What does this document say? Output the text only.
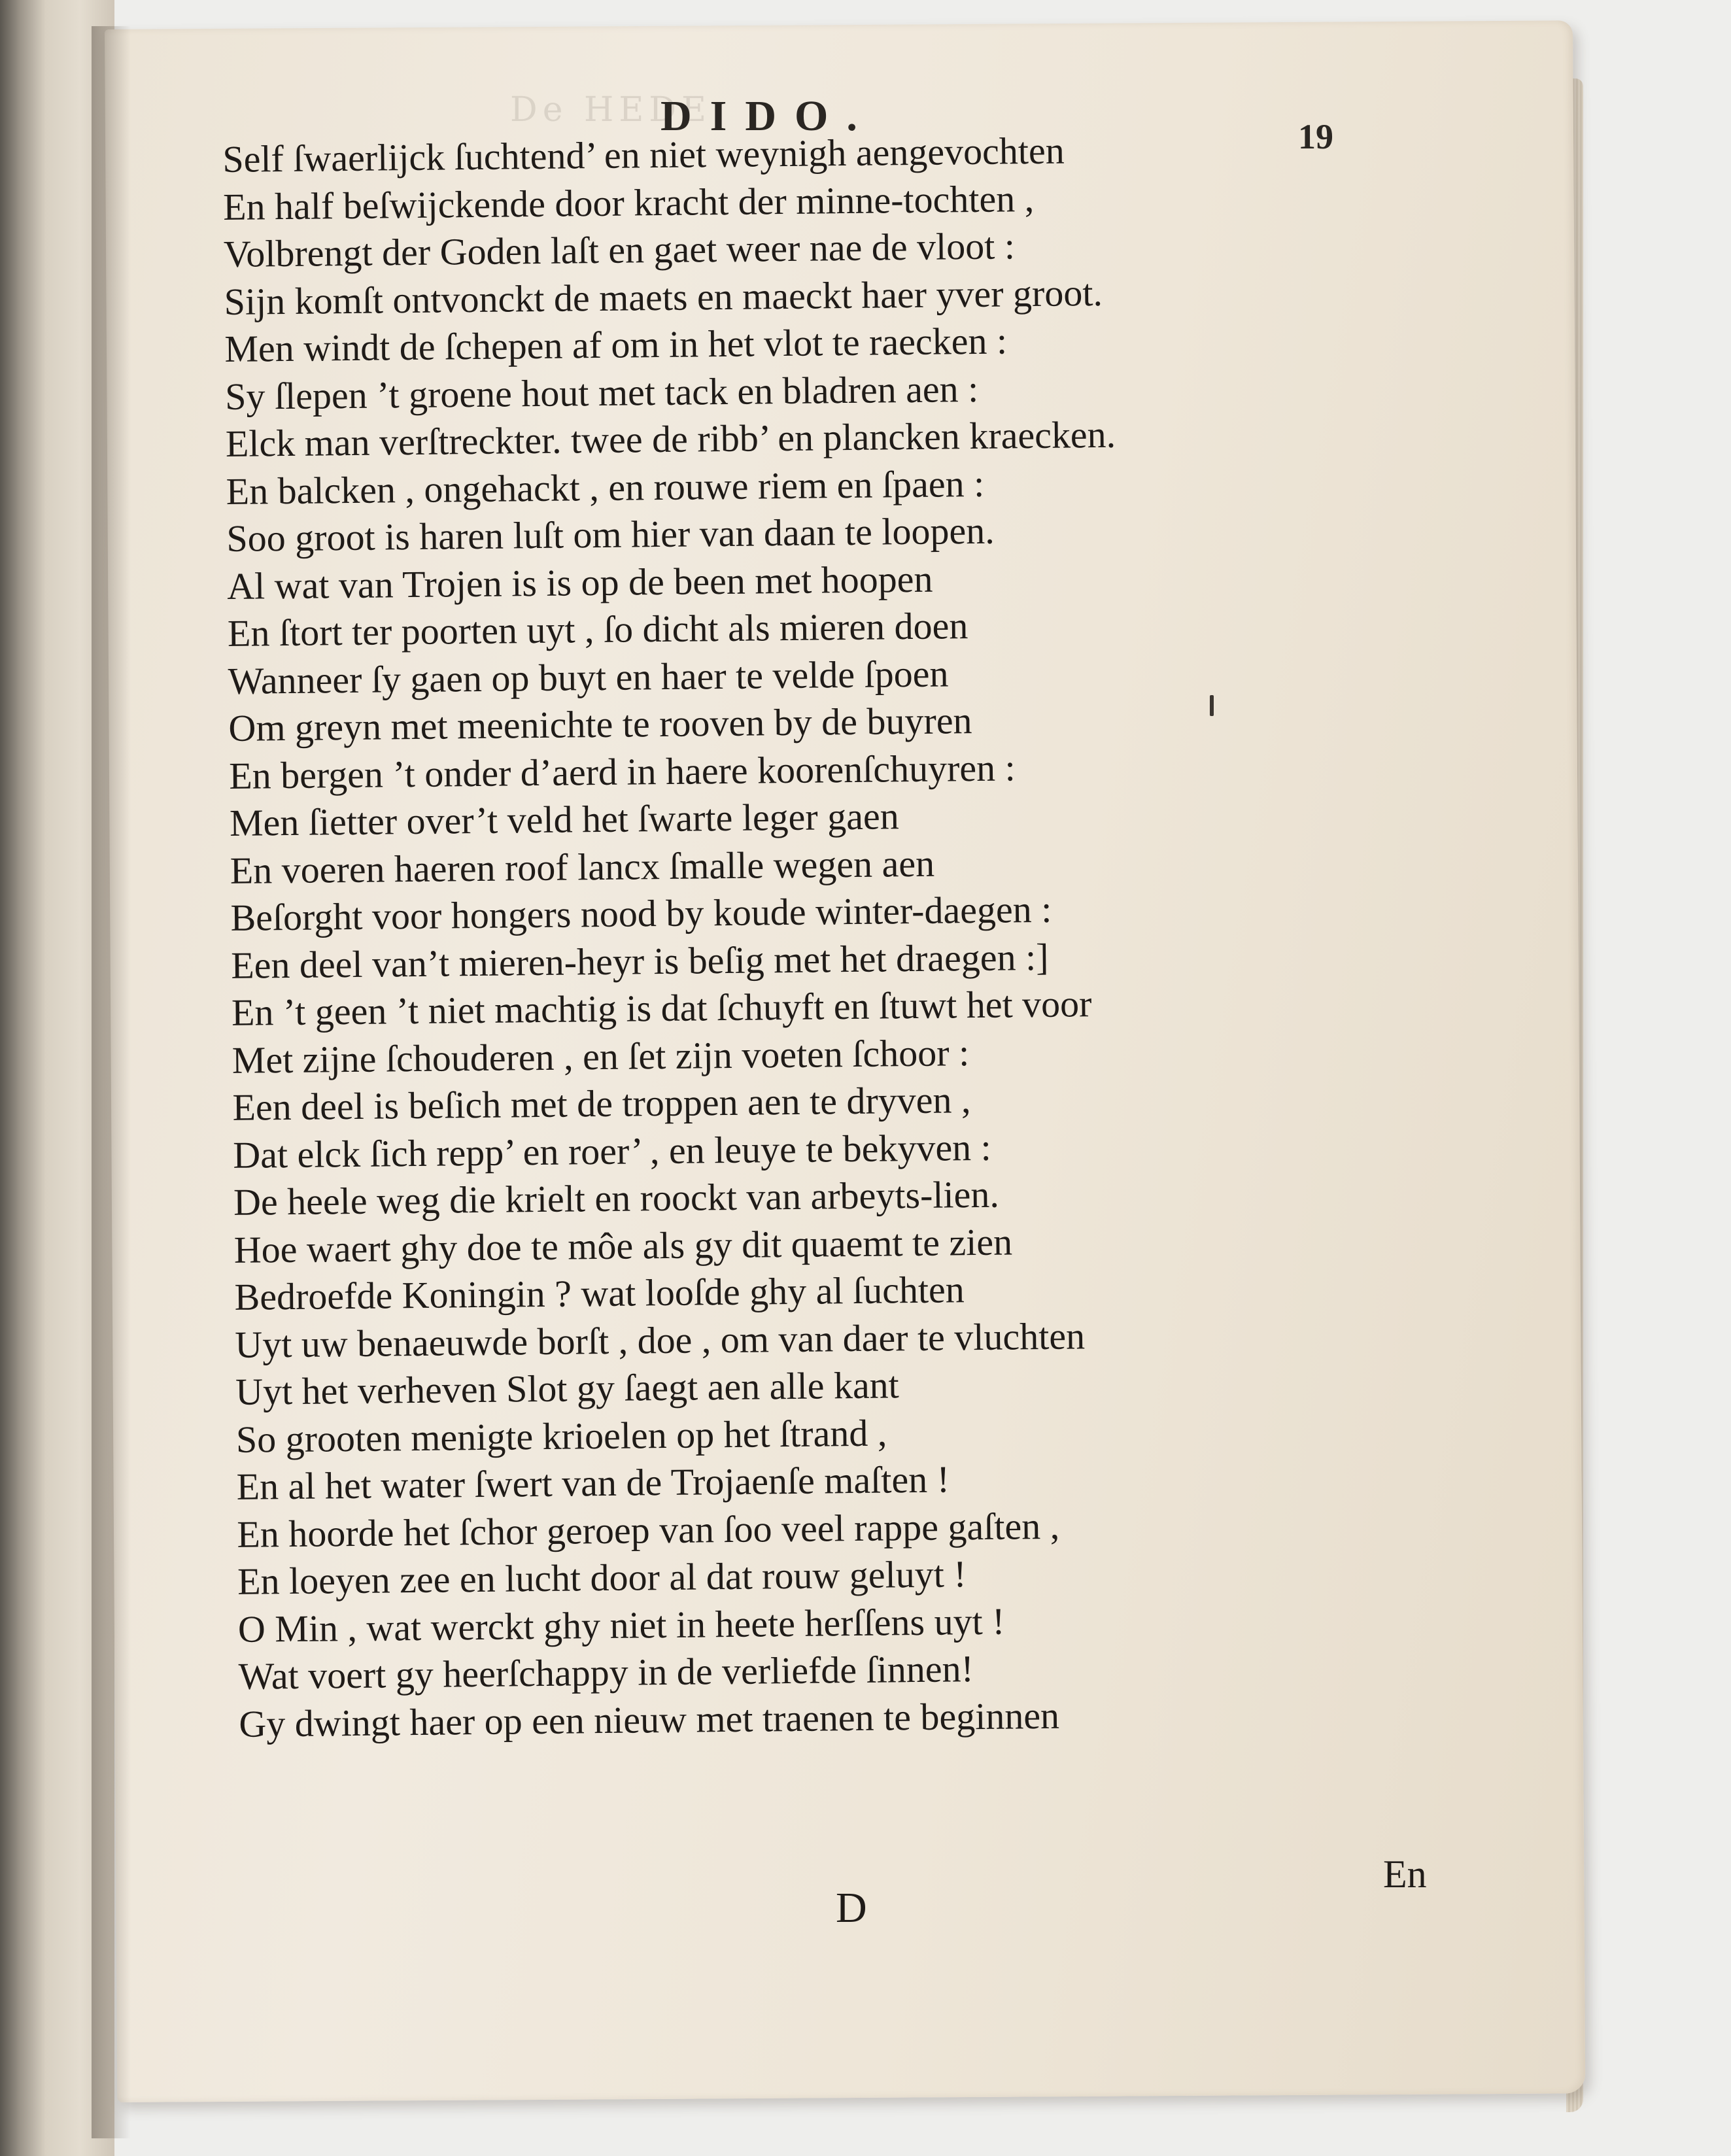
De HEDE
DIDO.	19
Self ſwaerlijck ſuchtend’ en niet weynigh aengevochten
En half beſwijckende door kracht der minne-tochten ,
Volbrengt der Goden laſt en gaet weer nae de vloot :
Sijn komſt ontvonckt de maets en maeckt haer yver groot.
Men windt de ſchepen af om in het vlot te raecken :
Sy ſlepen ’t groene hout met tack en bladren aen :
Elck man verſtreckter. twee de ribb’ en plancken kraecken.
En balcken , ongehackt , en rouwe riem en ſpaen :
Soo groot is haren luſt om hier van daan te loopen.
Al wat van Trojen is is op de been met hoopen
En ſtort ter poorten uyt , ſo dicht als mieren doen
Wanneer ſy gaen op buyt en haer te velde ſpoen
Om greyn met meenichte te rooven by de buyren
En bergen ’t onder d’aerd in haere koorenſchuyren :
Men ſietter over’t veld het ſwarte leger gaen
En voeren haeren roof lancx ſmalle wegen aen
Beſorght voor hongers nood by koude winter-daegen :
Een deel van’t mieren-heyr is beſig met het draegen :]
En ’t geen ’t niet machtig is dat ſchuyft en ſtuwt het voor
Met zijne ſchouderen , en ſet zijn voeten ſchoor :
Een deel is beſich met de troppen aen te dryven ,
Dat elck ſich repp’ en roer’ , en leuye te bekyven :
De heele weg die krielt en roockt van arbeyts-lien.
Hoe waert ghy doe te môe als gy dit quaemt te zien
Bedroefde Koningin ? wat looſde ghy al ſuchten
Uyt uw benaeuwde borſt , doe , om van daer te vluchten
Uyt het verheven Slot gy ſaegt aen alle kant
So grooten menigte krioelen op het ſtrand ,
En al het water ſwert van de Trojaenſe maſten !
En hoorde het ſchor geroep van ſoo veel rappe gaſten ,
En loeyen zee en lucht door al dat rouw geluyt !
O Min , wat werckt ghy niet in heete herſſens uyt !
Wat voert gy heerſchappy in de verliefde ſinnen!
Gy dwingt haer op een nieuw met traenen te beginnen
D
En
